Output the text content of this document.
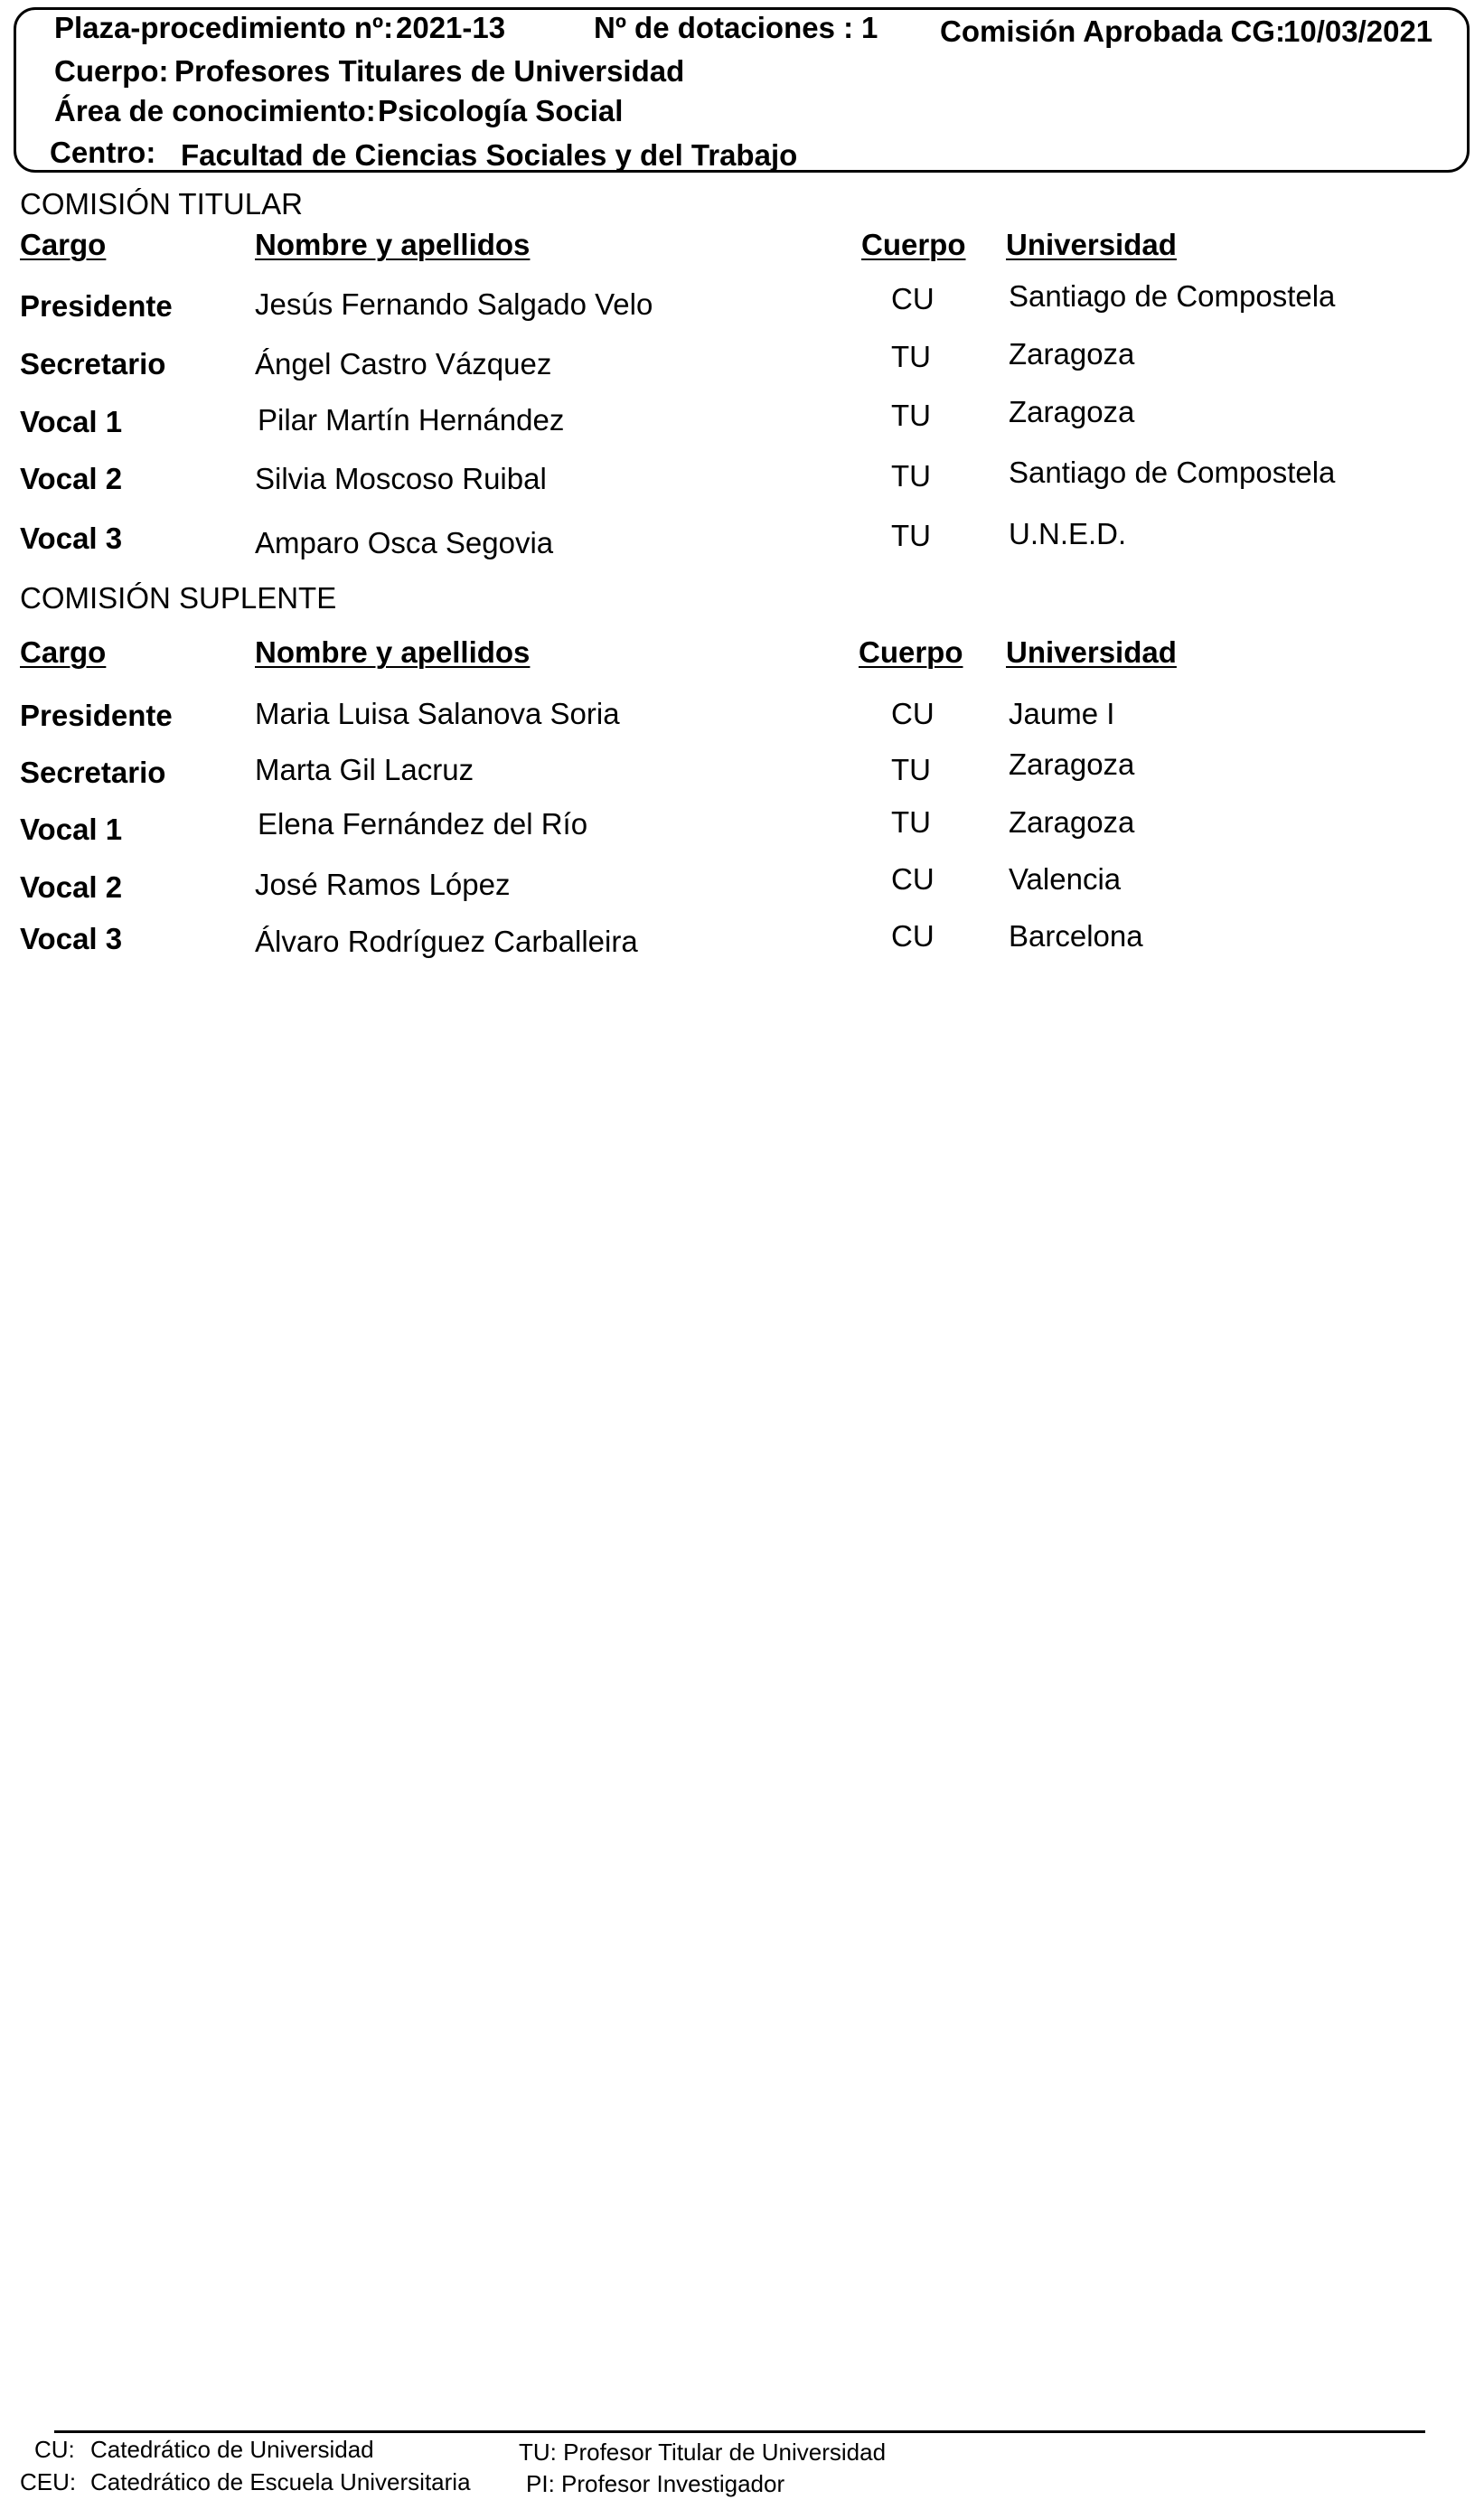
Plaza-procedimiento nº: 2021-13	Nº de dotaciones : 1 Comisión Aprobada CG:
10/03/2021
Cuerpo: Profesores Titulares de Universidad
Área de conocimiento: Psicología Social
Centro: Facultad de Ciencias Sociales y del Trabajo
COMISIÓN TITULAR
Cargo	Nombre y apellidos	Cuerpo Universidad
Presidente	Jesús Fernando Salgado Velo	CU Santiago de Compostela
Secretario	Ángel Castro Vázquez	TU	Zaragoza
Vocal 1	Pilar Martín Hernández	TU	Zaragoza
Vocal 2	Silvia Moscoso Ruibal	TU	Santiago de Compostela
Vocal 3	Amparo Osca Segovia	TU	U.N.E.D.
COMISIÓN SUPLENTE
Cargo	Nombre y apellidos	Cuerpo Universidad
Presidente	Maria Luisa Salanova Soria	CU Jaume I
Secretario	Marta Gil Lacruz	TU	Zaragoza
Vocal 1	Elena Fernández del Río	TU	Zaragoza
Vocal 2	José Ramos López	CU Valencia
Vocal 3	Álvaro Rodríguez Carballeira	CU Barcelona
CU: Catedrático de Universidad
CEU: Catedrático de Escuela Universitaria
TU: Profesor Titular de Universidad
PI: Profesor Investigador
